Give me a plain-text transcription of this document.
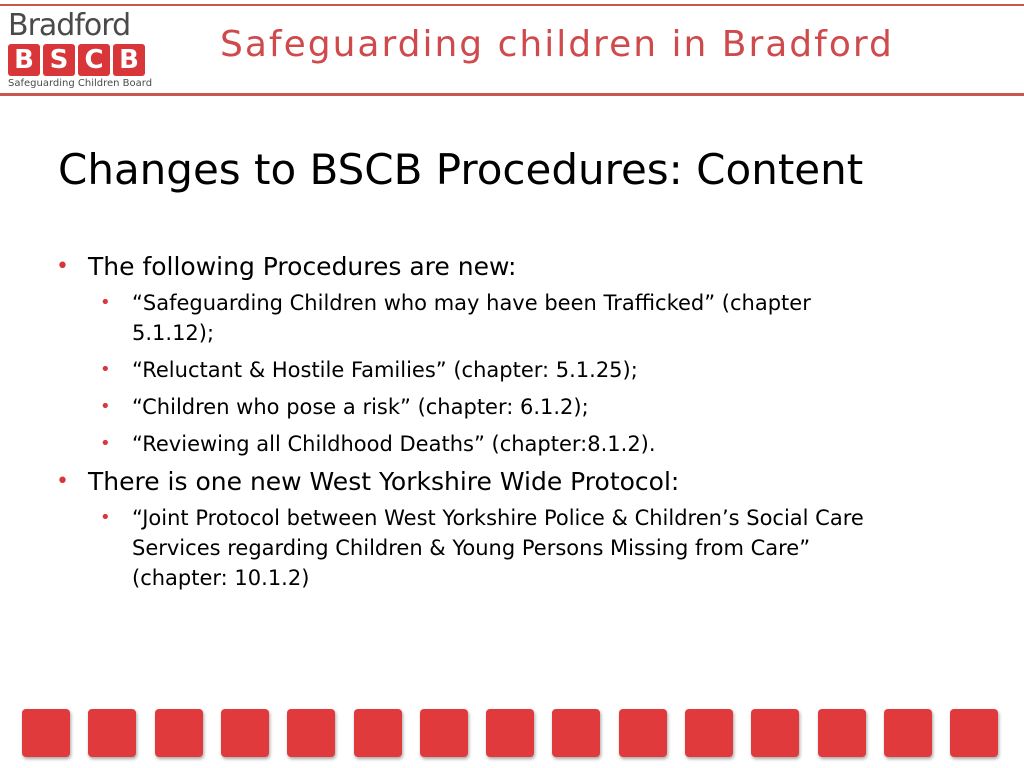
Bradford
B S C B
Safeguarding Children Board
Safeguarding children in Bradford
Changes to BSCB Procedures: Content
• The following Procedures are new:
• “Safeguarding Children who may have been Trafficked” (chapter 5.1.12);
• “Reluctant & Hostile Families” (chapter: 5.1.25);
• “Children who pose a risk” (chapter: 6.1.2);
• “Reviewing all Childhood Deaths” (chapter:8.1.2).
• There is one new West Yorkshire Wide Protocol:
• “Joint Protocol between West Yorkshire Police & Children’s Social Care Services regarding Children & Young Persons Missing from Care” (chapter: 10.1.2)
